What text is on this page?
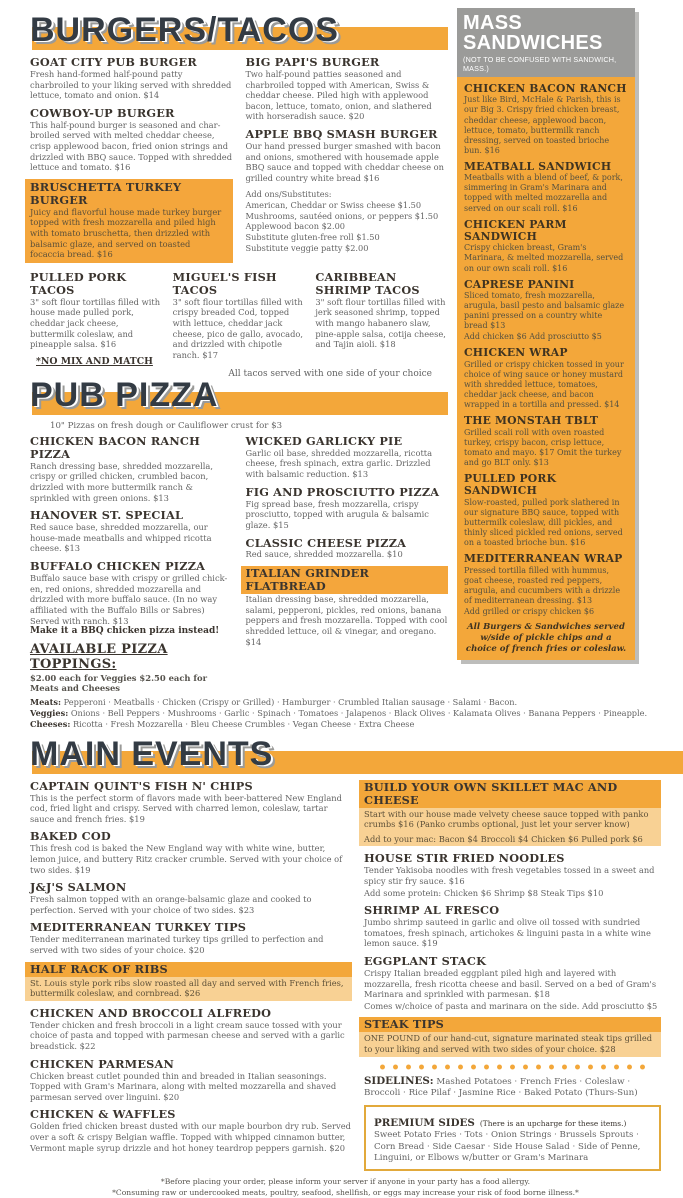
BURGERS/TACOS
GOAT CITY PUB BURGER
Fresh hand-formed half-pound patty charbroiled to your liking served with shredded lettuce, tomato and onion. $14
COWBOY-UP BURGER
This half-pound burger is seasoned and char-broiled served with melted cheddar cheese, crisp applewood bacon, fried onion strings and drizzled with BBQ sauce. Topped with shredded lettuce and tomato. $16
BRUSCHETTA TURKEY BURGER
Juicy and flavorful house made turkey burger topped with fresh mozzarella and piled high with tomato bruschetta, then drizzled with balsamic glaze, and served on toasted focaccia bread. $16
BIG PAPI'S BURGER
Two half-pound patties seasoned and charbroiled topped with American, Swiss & cheddar cheese. Piled high with applewood bacon, lettuce, tomato, onion, and slathered with horseradish sauce. $20
APPLE BBQ SMASH BURGER
Our hand pressed burger smashed with bacon and onions, smothered with housemade apple BBQ sauce and topped with cheddar cheese on grilled country white bread $16
Add ons/Substitutes:
American, Cheddar or Swiss cheese $1.50
Mushrooms, sautéed onions, or peppers $1.50
Applewood bacon $2.00
Substitute gluten-free roll $1.50
Substitute veggie patty $2.00
PULLED PORK TACOS
3" soft flour tortillas filled with house made pulled pork, cheddar jack cheese, buttermilk coleslaw, and pineapple salsa. $16
*NO MIX AND MATCH
MIGUEL'S FISH TACOS
3" soft flour tortillas filled with crispy breaded Cod, topped with lettuce, cheddar jack cheese, pico de gallo, avocado, and drizzled with chipotle ranch. $17
CARIBBEAN SHRIMP TACOS
3" soft flour tortillas filled with jerk seasoned shrimp, topped with mango habanero slaw, pine-apple salsa, cotija cheese, and Tajin aioli. $18
All tacos served with one side of your choice
PUB PIZZA
10" Pizzas on fresh dough or Cauliflower crust for $3
CHICKEN BACON RANCH PIZZA
Ranch dressing base, shredded mozzarella, crispy or grilled chicken, crumbled bacon, drizzled with more buttermilk ranch & sprinkled with green onions. $13
HANOVER ST. SPECIAL
Red sauce base, shredded mozzarella, our house-made meatballs and whipped ricotta cheese. $13
BUFFALO CHICKEN PIZZA
Buffalo sauce base with crispy or grilled chick-en, red onions, shredded mozzarella and drizzled with more buffalo sauce. (In no way affiliated with the Buffalo Bills or Sabres) Served with ranch. $13
Make it a BBQ chicken pizza instead!
AVAILABLE PIZZA TOPPINGS:
$2.00 each for Veggies $2.50 each for Meats and Cheeses
WICKED GARLICKY PIE
Garlic oil base, shredded mozzarella, ricotta cheese, fresh spinach, extra garlic. Drizzled with balsamic reduction. $13
FIG AND PROSCIUTTO PIZZA
Fig spread base, fresh mozzarella, crispy prosciutto, topped with arugula & balsamic glaze. $15
CLASSIC CHEESE PIZZA
Red sauce, shredded mozzarella. $10
ITALIAN GRINDER FLATBREAD
Italian dressing base, shredded mozzarella, salami, pepperoni, pickles, red onions, banana peppers and fresh mozzarella. Topped with cool shredded lettuce, oil & vinegar, and oregano. $14
MASS SANDWICHES
(NOT TO BE CONFUSED WITH SANDWICH, MASS.)
CHICKEN BACON RANCH
Just like Bird, McHale & Parish, this is our Big 3. Crispy fried chicken breast, cheddar cheese, applewood bacon, lettuce, tomato, buttermilk ranch dressing, served on toasted brioche bun. $16
MEATBALL SANDWICH
Meatballs with a blend of beef, & pork, simmering in Gram's Marinara and topped with melted mozzarella and served on our scali roll. $16
CHICKEN PARM SANDWICH
Crispy chicken breast, Gram's Marinara, & melted mozzarella, served on our own scali roll. $16
CAPRESE PANINI
Sliced tomato, fresh mozzarella, arugula, basil pesto and balsamic glaze panini pressed on a country white bread $13
Add chicken $6 Add prosciutto $5
CHICKEN WRAP
Grilled or crispy chicken tossed in your choice of wing sauce or honey mustard with shredded lettuce, tomatoes, cheddar jack cheese, and bacon wrapped in a tortilla and pressed. $14
THE MONSTAH TBLT
Grilled scali roll with oven roasted turkey, crispy bacon, crisp lettuce, tomato and mayo. $17 Omit the turkey and go BLT only. $13
PULLED PORK SANDWICH
Slow-roasted, pulled pork slathered in our signature BBQ sauce, topped with buttermilk coleslaw, dill pickles, and thinly sliced pickled red onions, served on a toasted brioche bun. $16
MEDITERRANEAN WRAP
Pressed tortilla filled with hummus, goat cheese, roasted red peppers, arugula, and cucumbers with a drizzle of mediterranean dressing. $13
Add grilled or crispy chicken $6
All Burgers & Sandwiches served w/side of pickle chips and a choice of french fries or coleslaw.
Meats: Pepperoni · Meatballs · Chicken (Crispy or Grilled) · Hamburger · Crumbled Italian sausage · Salami · Bacon.
Veggies: Onions · Bell Peppers · Mushrooms · Garlic · Spinach · Tomatoes · Jalapenos · Black Olives · Kalamata Olives · Banana Peppers · Pineapple.
Cheeses: Ricotta · Fresh Mozzarella · Bleu Cheese Crumbles · Vegan Cheese · Extra Cheese
MAIN EVENTS
CAPTAIN QUINT'S FISH N' CHIPS
This is the perfect storm of flavors made with beer-battered New England cod, fried light and crispy. Served with charred lemon, coleslaw, tartar sauce and french fries. $19
BAKED COD
This fresh cod is baked the New England way with white wine, butter, lemon juice, and buttery Ritz cracker crumble. Served with your choice of two sides. $19
J&J'S SALMON
Fresh salmon topped with an orange-balsamic glaze and cooked to perfection. Served with your choice of two sides. $23
MEDITERRANEAN TURKEY TIPS
Tender mediterranean marinated turkey tips grilled to perfection and served with two sides of your choice. $20
HALF RACK OF RIBS
St. Louis style pork ribs slow roasted all day and served with French fries, buttermilk coleslaw, and cornbread. $26
CHICKEN AND BROCCOLI ALFREDO
Tender chicken and fresh broccoli in a light cream sauce tossed with your choice of pasta and topped with parmesan cheese and served with a garlic breadstick. $22
CHICKEN PARMESAN
Chicken breast cutlet pounded thin and breaded in Italian seasonings. Topped with Gram's Marinara, along with melted mozzarella and shaved parmesan served over linguini. $20
CHICKEN & WAFFLES
Golden fried chicken breast dusted with our maple bourbon dry rub. Served over a soft & crispy Belgian waffle. Topped with whipped cinnamon butter, Vermont maple syrup drizzle and hot honey teardrop peppers garnish. $20
BUILD YOUR OWN SKILLET MAC AND CHEESE
Start with our house made velvety cheese sauce topped with panko crumbs $16 (Panko crumbs optional, just let your server know)
Add to your mac: Bacon $4 Broccoli $4 Chicken $6 Pulled pork $6
HOUSE STIR FRIED NOODLES
Tender Yakisoba noodles with fresh vegetables tossed in a sweet and spicy stir fry sauce. $16
Add some protein: Chicken $6 Shrimp $8 Steak Tips $10
SHRIMP AL FRESCO
Jumbo shrimp sauteed in garlic and olive oil tossed with sundried tomatoes, fresh spinach, artichokes & linguini pasta in a white wine lemon sauce. $19
EGGPLANT STACK
Crispy Italian breaded eggplant piled high and layered with mozzarella, fresh ricotta cheese and basil. Served on a bed of Gram's Marinara and sprinkled with parmesan. $18
Comes w/choice of pasta and marinara on the side. Add prosciutto $5
STEAK TIPS
ONE POUND of our hand-cut, signature marinated steak tips grilled to your liking and served with two sides of your choice. $28
SIDELINES: Mashed Potatoes · French Fries · Coleslaw · Broccoli · Rice Pilaf · Jasmine Rice · Baked Potato (Thurs-Sun)
PREMIUM SIDES (There is an upcharge for these items.)
Sweet Potato Fries · Tots · Onion Strings · Brussels Sprouts · Corn Bread · Side Caesar · Side House Salad · Side of Penne, Linguini, or Elbows w/butter or Gram's Marinara
*Before placing your order, please inform your server if anyone in your party has a food allergy.
*Consuming raw or undercooked meats, poultry, seafood, shellfish, or eggs may increase your risk of food borne illness.*
